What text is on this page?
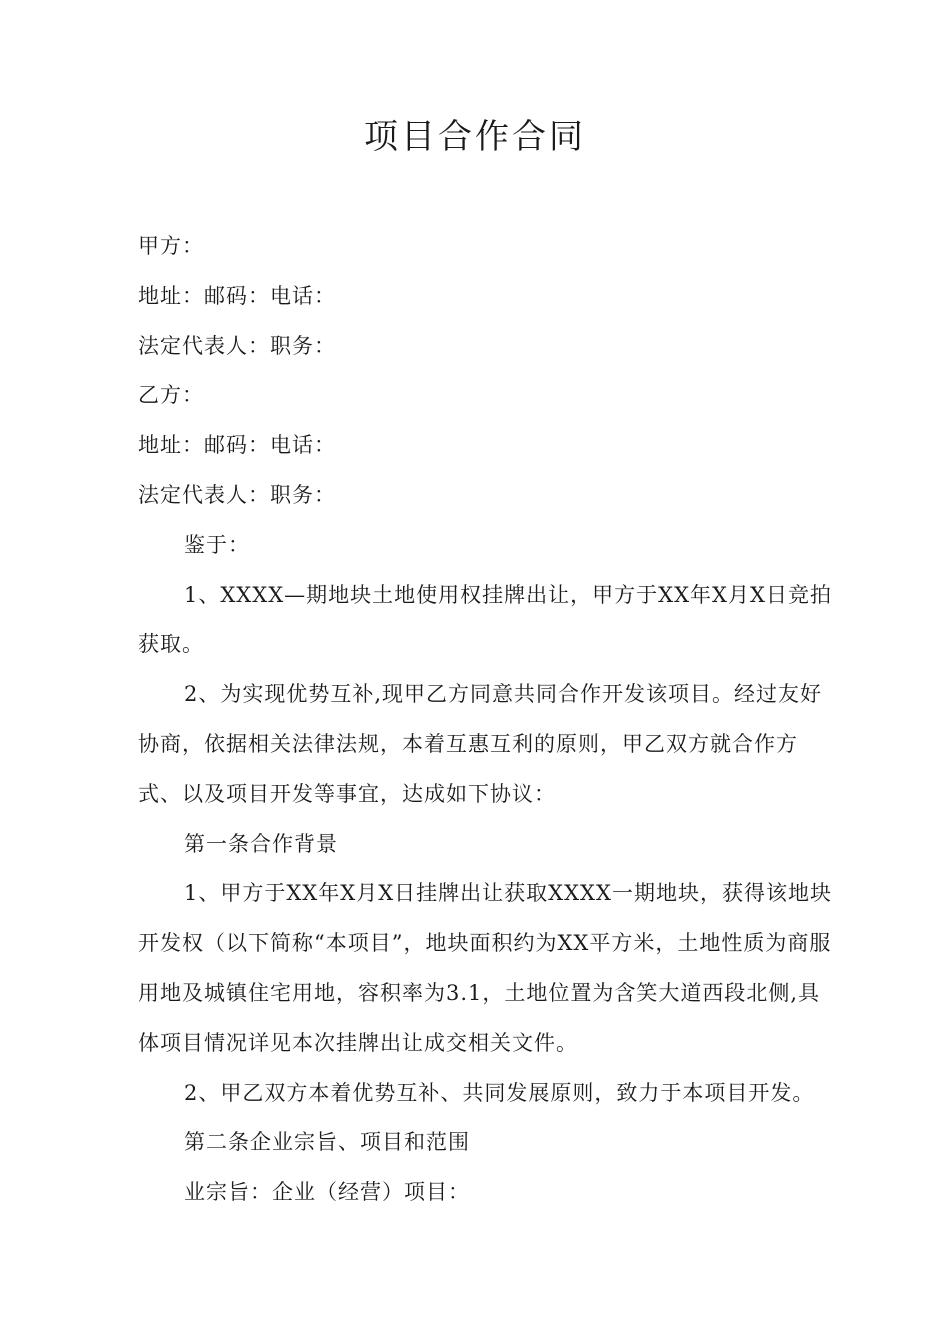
项目合作合同

甲方：

地址：邮码：电话：

法定代表人：职务：

乙方：

地址：邮码：电话：

法定代表人：职务：

鉴于：

1、XXXX—期地块土地使用权挂牌出让，甲方于XX年X月X日竞拍获取。

2、为实现优势互补,现甲乙方同意共同合作开发该项目。经过友好协商，依据相关法律法规，本着互惠互利的原则，甲乙双方就合作方式、以及项目开发等事宜，达成如下协议：

第一条合作背景

1、甲方于XX年X月X日挂牌出让获取XXXX一期地块，获得该地块开发权（以下简称“本项目”，地块面积约为XX平方米，土地性质为商服用地及城镇住宅用地，容积率为3.1，土地位置为含笑大道西段北侧,具体项目情况详见本次挂牌出让成交相关文件。

2、甲乙双方本着优势互补、共同发展原则，致力于本项目开发。

第二条企业宗旨、项目和范围

业宗旨：企业（经营）项目：
